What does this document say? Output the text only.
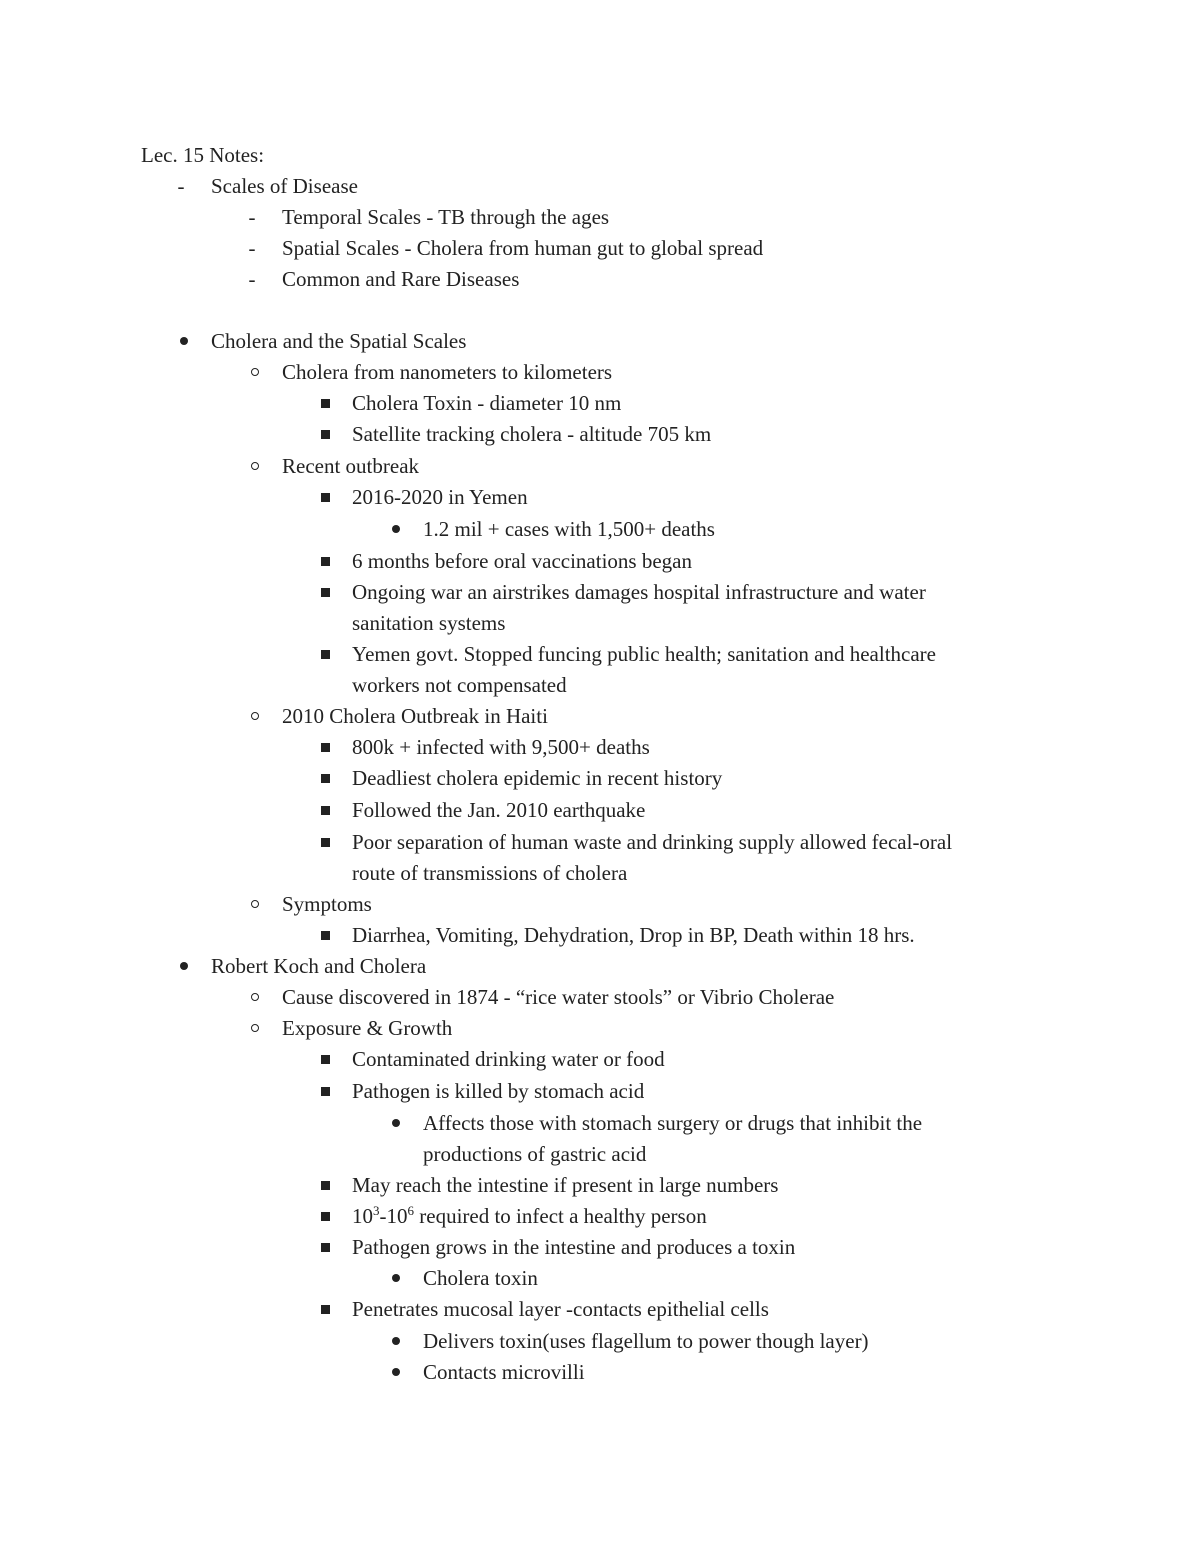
Lec. 15 Notes:
- Scales of Disease
- Temporal Scales - TB through the ages
- Spatial Scales - Cholera from human gut to global spread
- Common and Rare Diseases
Cholera and the Spatial Scales
Cholera from nanometers to kilometers
Cholera Toxin - diameter 10 nm
Satellite tracking cholera - altitude 705 km
Recent outbreak
2016-2020 in Yemen
1.2 mil + cases with 1,500+ deaths
6 months before oral vaccinations began
Ongoing war an airstrikes damages hospital infrastructure and water
sanitation systems
Yemen govt. Stopped funcing public health; sanitation and healthcare
workers not compensated
2010 Cholera Outbreak in Haiti
800k + infected with 9,500+ deaths
Deadliest cholera epidemic in recent history
Followed the Jan. 2010 earthquake
Poor separation of human waste and drinking supply allowed fecal-oral
route of transmissions of cholera
Symptoms
Diarrhea, Vomiting, Dehydration, Drop in BP, Death within 18 hrs.
Robert Koch and Cholera
Cause discovered in 1874 - “rice water stools” or Vibrio Cholerae
Exposure & Growth
Contaminated drinking water or food
Pathogen is killed by stomach acid
Affects those with stomach surgery or drugs that inhibit the
productions of gastric acid
May reach the intestine if present in large numbers
$10^3-10^6$ required to infect a healthy person
Pathogen grows in the intestine and produces a toxin
Cholera toxin
Penetrates mucosal layer -contacts epithelial cells
Delivers toxin(uses flagellum to power though layer)
Contacts microvilli
